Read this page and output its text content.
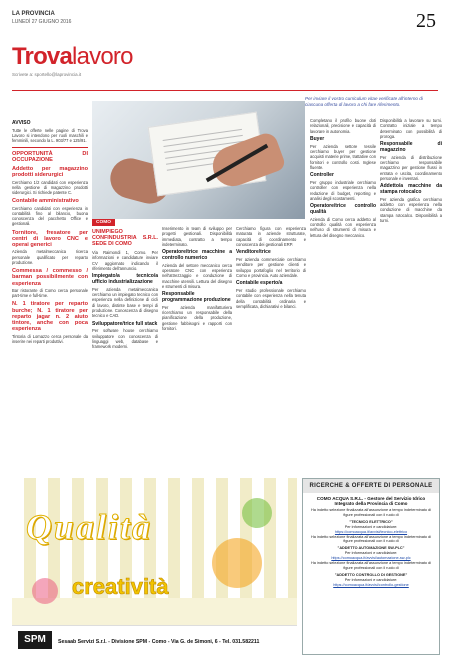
LA PROVINCIA
LUNEDÌ 27 GIUGNO 2016	25
Trovalavoro
Scrivete a: sportello@laprovincia.it
Per inviare il vostro curriculum vitae verificate all'interno di ciascuna offerta di lavoro a chi fare riferimento.
AVVISO

Tutte le offerte nelle pagine di Trova Lavoro si intendono per ruoli maschili e femminili, secondo la L. 903/77 e 125/91.

OPPORTUNITÀ DI OCCUPAZIONE
Addetto per magazzino prodotti siderurgici

Cerchiamo 1/2 candidati con esperienza nella gestione di magazzino prodotti siderurgici. Si richiede patente C.

Contabile amministrativo

Cerchiamo candidati con esperienza in contabilità fino al bilancio, buona conoscenza del pacchetto Office e gestionali.

Tornitore, fresatore per centri di lavoro CNC e operai generici

Azienda metalmeccanica ricerca personale qualificato per reparto produzione.

Commessa / commesso / barman possibilmente con esperienza

Bar ristorante di Como cerca personale part-time e full-time.

N. 1 tiratore per reparto burche; N. 1 tiratore per reparto jagar n. 2 aiuto tintore, anche con poca esperienza

Tintoria di Lomazzo cerca personale da inserire nei reparti produttivi.

COMO
UNIMPIEGO CONFINDUSTRIA S.R.L. SEDE DI COMO

Via Raimondi 1, Como. Per informazioni e candidature inviare CV aggiornato indicando il riferimento dell'annuncio.

Impiegato/a tecnico/a ufficio industrializzazione

Per azienda metalmeccanica cerchiamo un impiegato tecnico con esperienza nella definizione di cicli di lavoro, distinte base e tempi di produzione. Conoscenza di disegno tecnico e CAD.

Sviluppatore/trice full stack

Per software house cerchiamo sviluppatore con conoscenza di linguaggi web, database e framework moderni.

Inserimento in team di sviluppo per progetti gestionali. Disponibilità immediata, contratto a tempo indeterminato.

Operatore/trice macchine a controllo numerico

Azienda del settore meccanico cerca operatore CNC con esperienza nell'attrezzaggio e conduzione di macchine utensili. Lettura del disegno e strumenti di misura.

Responsabile programmazione produzione

Per azienda manifatturiera ricerchiamo un responsabile della pianificazione della produzione, gestione fabbisogni e rapporti con fornitori.

Cerchiamo figura con esperienza maturata in aziende strutturate, capacità di coordinamento e conoscenza dei gestionali ERP.

Venditore/trice

Per azienda commerciale cerchiamo venditore per gestione clienti e sviluppo portafoglio nel territorio di Como e provincia. Auto aziendale.

Contabile esperto/a

Per studio professionale cerchiamo contabile con esperienza nella tenuta della contabilità ordinaria e semplificata, dichiarativi e bilanci.

Completano il profilo buone doti relazionali, precisione e capacità di lavorare in autonomia.

Buyer

Per azienda settore tessile cerchiamo buyer per gestione acquisti materie prime, trattative con fornitori e controllo costi. Inglese fluente.

Controller

Per gruppo industriale cerchiamo controller con esperienza nella redazione di budget, reporting e analisi degli scostamenti.

Operatore/trice controllo qualità

Azienda di Como cerca addetto al controllo qualità con esperienza nell'uso di strumenti di misura e lettura del disegno meccanico.

Disponibilità a lavorare su turni. Contratto iniziale a tempo determinato con possibilità di proroga.

Responsabile di magazzino

Per azienda di distribuzione cerchiamo responsabile magazzino per gestione flussi in entrata e uscita, coordinamento personale e inventari.

Addetto/a macchine da stampa rotocalco

Per azienda grafica cerchiamo addetto con esperienza nella conduzione di macchine da stampa rotocalco. Disponibilità a turni.

Qualità
creatività
SPM	Sesaab Servizi S.r.l. - Divisione SPM - Como - Via G. de Simoni, 6 - Tel. 031.582211
RICERCHE & OFFERTE DI PERSONALE
COMO ACQUA S.R.L. - Gestore del Servizio Idrico Integrato della Provincia di Como
Ha indetto selezione finalizzata all'assunzione a tempo indeterminato di figure professionali con il ruolo di
"TECNICO ELETTRICO"
Per informazioni e candidature:
https://comoacqua.it/avvisi/tecnico-elettrico
Ha indetto selezione finalizzata all'assunzione a tempo indeterminato di figure professionali con il ruolo di
"ADDETTO AUTOMAZIONE SW-PLC"
Per informazioni e candidature:
https://comoacqua.it/avvisi/automazione-sw-plc
Ha indetto selezione finalizzata all'assunzione a tempo indeterminato di figure professionali con il ruolo di
"ADDETTO CONTROLLO DI GESTIONE"
Per informazioni e candidature:
https://comoacqua.it/avvisi/controllo-gestione
